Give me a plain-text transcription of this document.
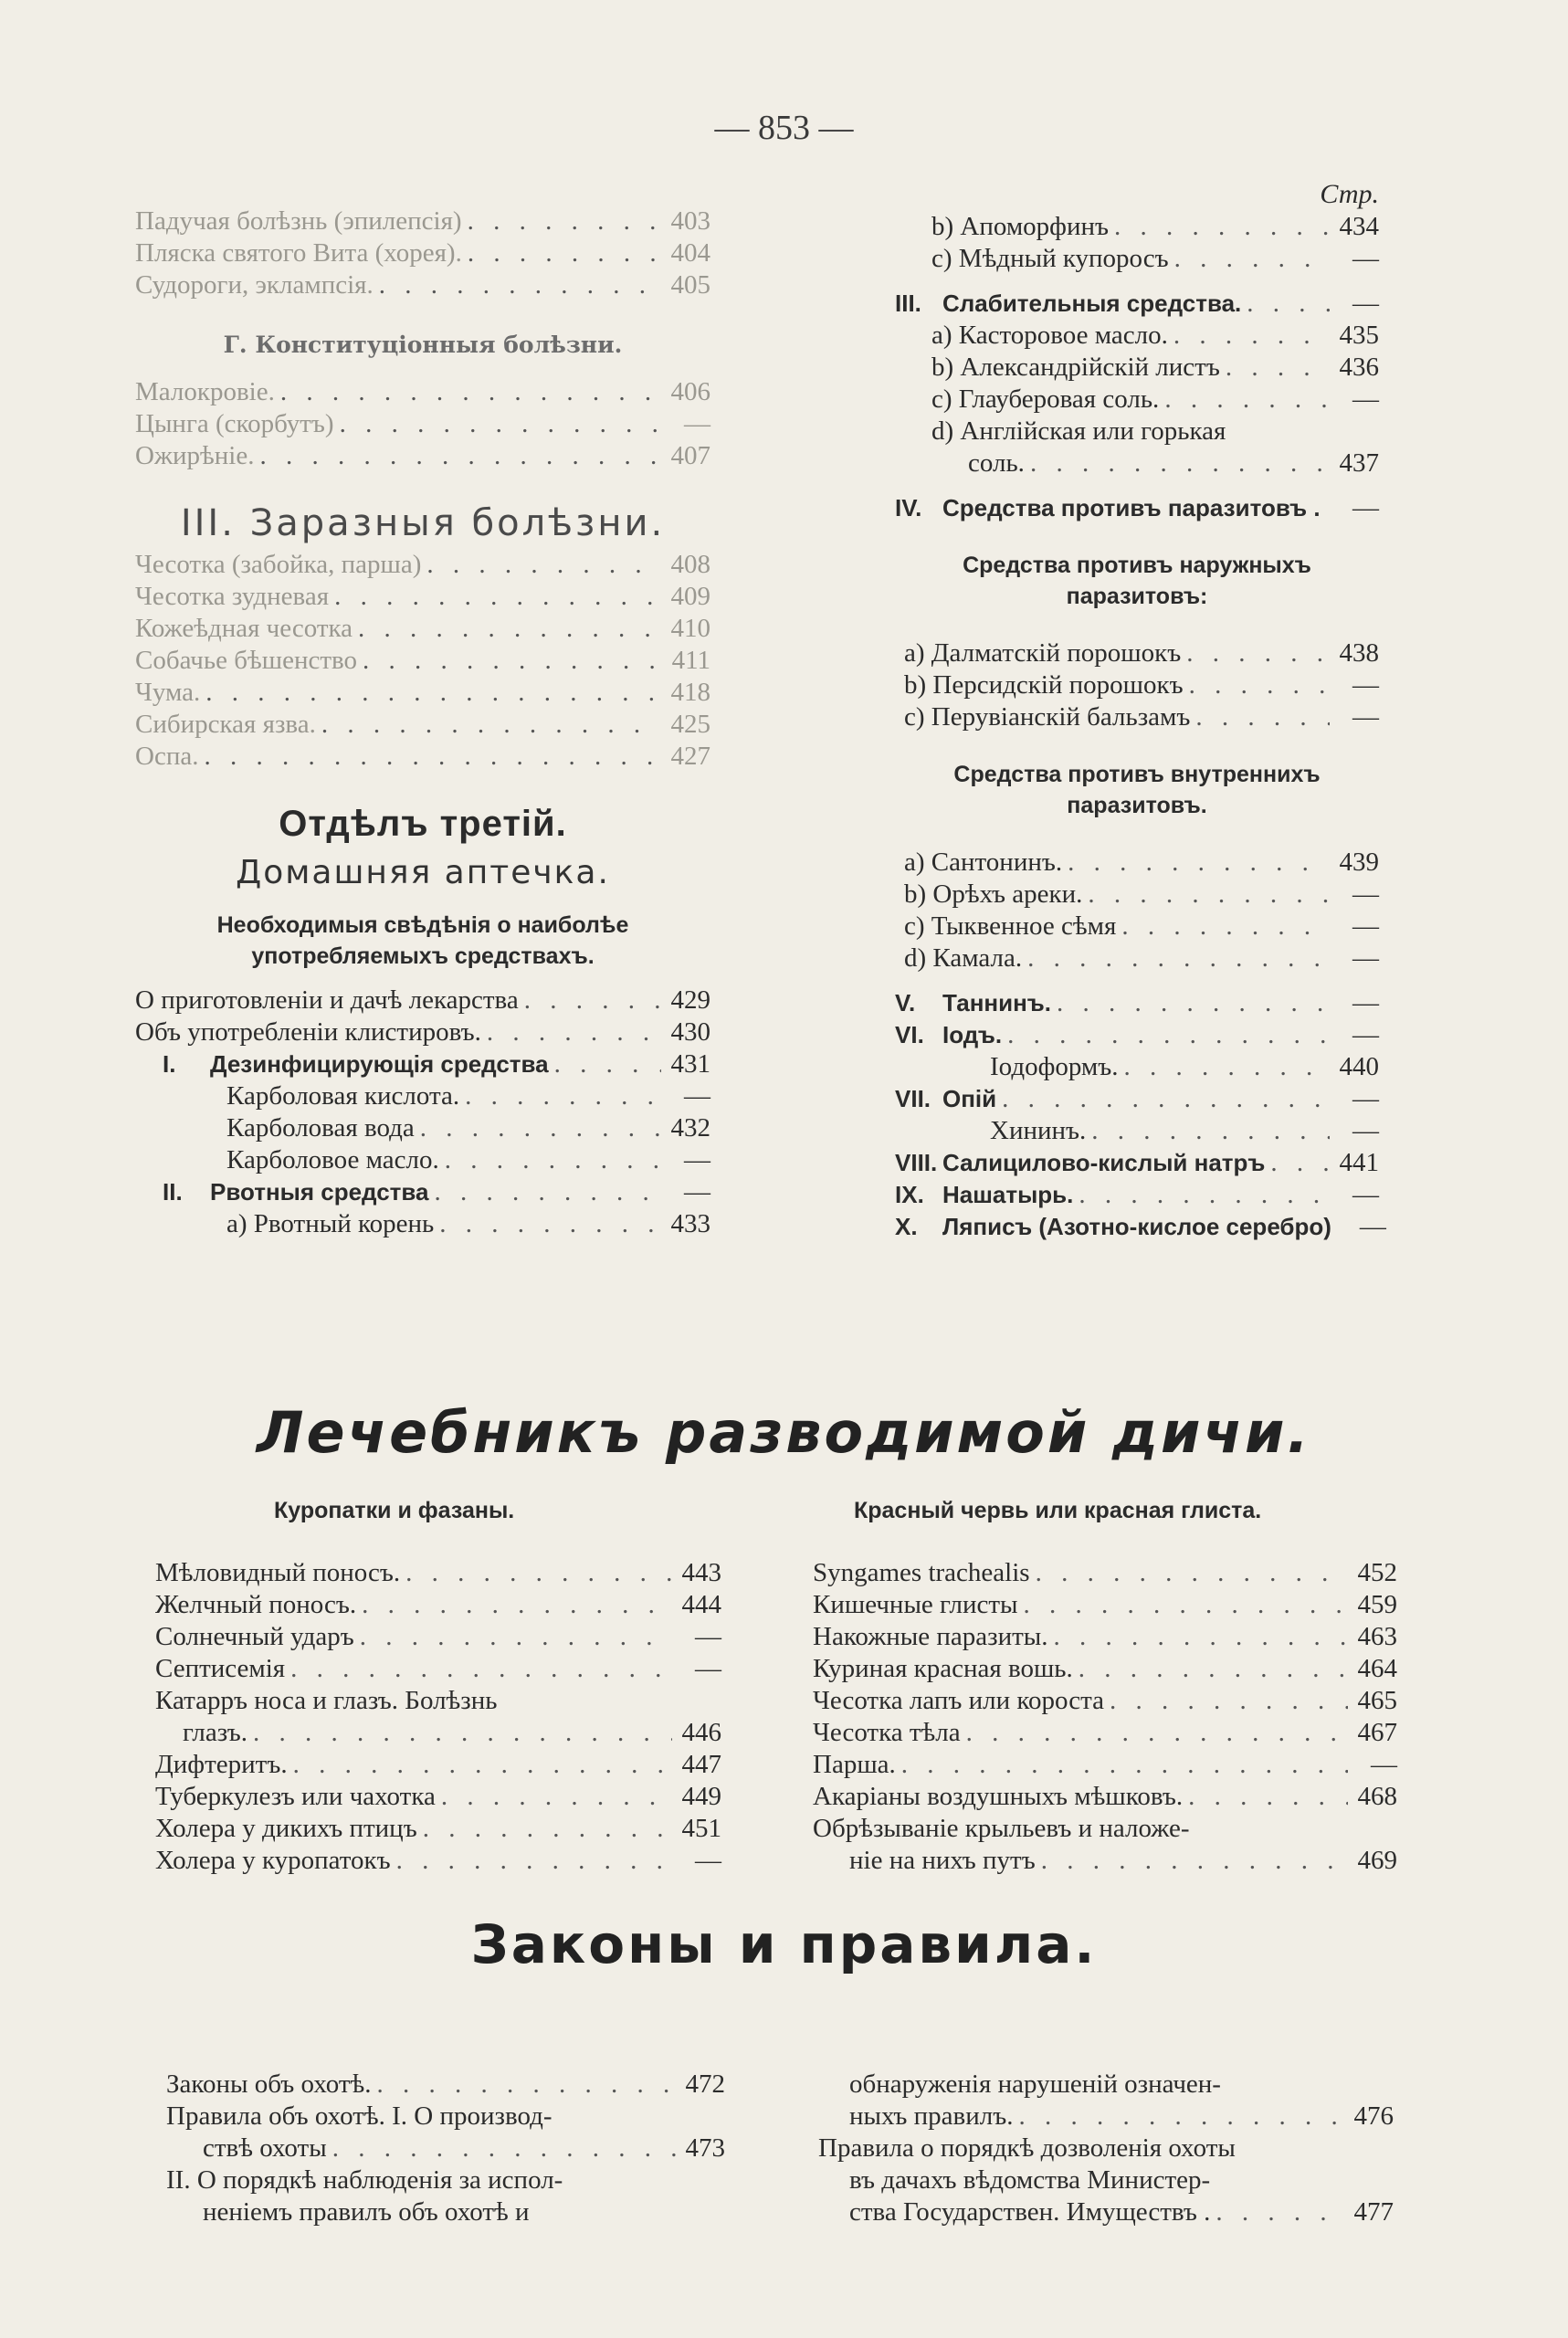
— 853 —
Падучая болѣзнь (эпилепсія) . . .	403
Пляска святого Вита (хорея). . . .	404
Судороги, эклампсія. . . .	405
Г. Конституціонныя болѣзни.
Малокровіе. . . .	406
Цынга (скорбутъ) . . .	—
Ожирѣніе. . . .	407
III. Заразныя болѣзни.
Чесотка (забойка, парша) . . .	408
Чесотка зудневая . . .	409
Кожеѣдная чесотка . . .	410
Собачье бѣшенство . . .	411
Чума. . . .	418
Сибирская язва. . . .	425
Оспа. . . .	427
Отдѣлъ третій.
Домашняя аптечка.
Необходимыя свѣдѣнія о наиболѣе
употребляемыхъ средствахъ.
О приготовленіи и дачѣ лекарства . . .	429
Объ употребленіи клистировъ. . . .	430
I. Дезинфицирующія средства . . .	431
Карболовая кислота. . . .	—
Карболовая вода . . .	432
Карболовое масло. . . .	—
II. Рвотныя средства . . .	—
a) Рвотный корень . . .	433
Стр.
b) Апоморфинъ . . .	434
c) Мѣдный купоросъ . . .	—
III. Слабительныя средства. . . .	—
a) Касторовое масло. . . .	435
b) Александрійскій листъ . . .	436
c) Глауберовая соль. . . .	—
d) Англійская или горькая
соль. . . .	437
IV. Средства противъ паразитовъ .	—
Средства противъ наружныхъ
паразитовъ:
a) Далматскій порошокъ . . .	438
b) Персидскій порошокъ . . .	—
c) Перувіанскій бальзамъ . . .	—
Средства противъ внутреннихъ
паразитовъ.
a) Сантонинъ. . . .	439
b) Орѣхъ ареки. . . .	—
c) Тыквенное сѣмя . . .	—
d) Камала. . . .	—
V. Таннинъ. . . .	—
VI. Іодъ. . . .	—
Іодоформъ. . . .	440
VII. Опій . . .	—
Хининъ. . . .	—
VIII. Салицилово-кислый натръ . . .	441
IX. Нашатырь. . . .	—
X. Ляписъ (Азотно-кислое серебро)	—
Лечебникъ разводимой дичи.
Куропатки и фазаны.	Красный червь или красная глиста.
Мѣловидный поносъ. . . .	443
Желчный поносъ. . . .	444
Солнечный ударъ . . .	—
Септисемія . . .	—
Катарръ носа и глазъ. Болѣзнь
глазъ. . . .	446
Дифтеритъ. . . .	447
Туберкулезъ или чахотка . . .	449
Холера у дикихъ птицъ . . .	451
Холера у куропатокъ . . .	—
Syngames trachealis . . .	452
Кишечные глисты . . .	459
Накожные паразиты. . . .	463
Куриная красная вошь. . . .	464
Чесотка лапъ или короста . . .	465
Чесотка тѣла . . .	467
Парша. . . .	—
Акаріаны воздушныхъ мѣшковъ. . . .	468
Обрѣзываніе крыльевъ и наложе-
ніе на нихъ путъ . . .	469
Законы и правила.
Законы объ охотѣ. . . .	472
Правила объ охотѣ. I. О производ-
ствѣ охоты . . .	473
II. О порядкѣ наблюденія за испол-
неніемъ правилъ объ охотѣ и
обнаруженія нарушеній означен-
ныхъ правилъ. . . .	476
Правила о порядкѣ дозволенія охоты
въ дачахъ вѣдомства Министер-
ства Государствен. Имуществъ . . . .	477
